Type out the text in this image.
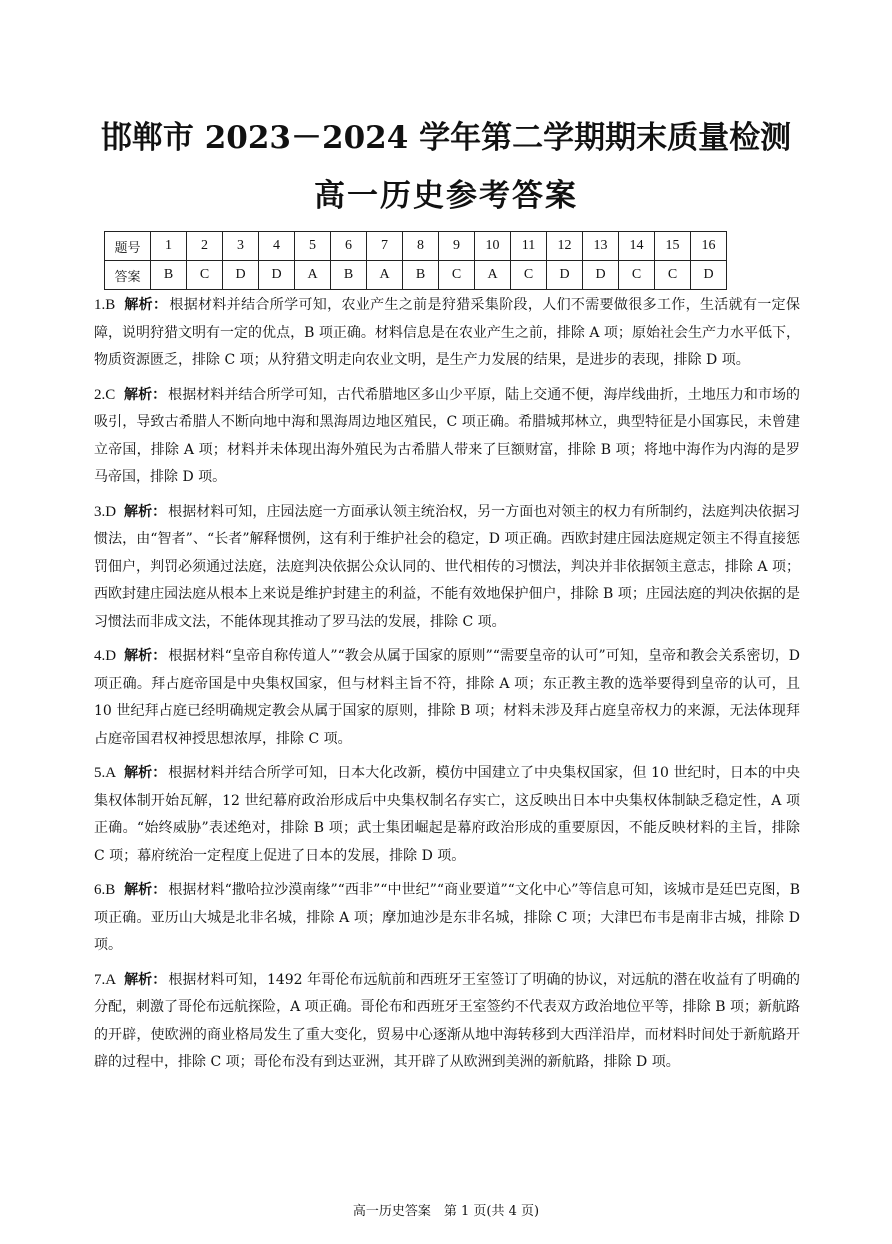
邯郸市 2023－2024 学年第二学期期末质量检测
高一历史参考答案
题号	1	2	3	4	5	6	7	8	9	10	11	12	13	14	15	16
答案	B	C	D	D	A	B	A	B	C	A	C	D	D	C	C	D
1.B 解析： 根据材料并结合所学可知，农业产生之前是狩猎采集阶段，人们不需要做很多工作，生活就有一定保障，说明狩猎文明有一定的优点，B 项正确。材料信息是在农业产生之前，排除 A 项；原始社会生产力水平低下，物质资源匮乏，排除 C 项；从狩猎文明走向农业文明，是生产力发展的结果，是进步的表现，排除 D 项。
2.C 解析： 根据材料并结合所学可知，古代希腊地区多山少平原，陆上交通不便，海岸线曲折，土地压力和市场的吸引，导致古希腊人不断向地中海和黑海周边地区殖民，C 项正确。希腊城邦林立，典型特征是小国寡民，未曾建立帝国，排除 A 项；材料并未体现出海外殖民为古希腊人带来了巨额财富，排除 B 项；将地中海作为内海的是罗马帝国，排除 D 项。
3.D 解析： 根据材料可知，庄园法庭一方面承认领主统治权，另一方面也对领主的权力有所制约，法庭判决依据习惯法，由“智者”、“长者”解释惯例，这有利于维护社会的稳定，D 项正确。西欧封建庄园法庭规定领主不得直接惩罚佃户，判罚必须通过法庭，法庭判决依据公众认同的、世代相传的习惯法，判决并非依据领主意志，排除 A 项；西欧封建庄园法庭从根本上来说是维护封建主的利益，不能有效地保护佃户，排除 B 项；庄园法庭的判决依据的是习惯法而非成文法，不能体现其推动了罗马法的发展，排除 C 项。
4.D 解析： 根据材料“皇帝自称传道人”“教会从属于国家的原则”“需要皇帝的认可”可知，皇帝和教会关系密切，D 项正确。拜占庭帝国是中央集权国家，但与材料主旨不符，排除 A 项；东正教主教的选举要得到皇帝的认可，且 10 世纪拜占庭已经明确规定教会从属于国家的原则，排除 B 项；材料未涉及拜占庭皇帝权力的来源，无法体现拜占庭帝国君权神授思想浓厚，排除 C 项。
5.A 解析： 根据材料并结合所学可知，日本大化改新，模仿中国建立了中央集权国家，但 10 世纪时，日本的中央集权体制开始瓦解，12 世纪幕府政治形成后中央集权制名存实亡，这反映出日本中央集权体制缺乏稳定性，A 项正确。“始终威胁”表述绝对，排除 B 项；武士集团崛起是幕府政治形成的重要原因，不能反映材料的主旨，排除 C 项；幕府统治一定程度上促进了日本的发展，排除 D 项。
6.B 解析： 根据材料“撒哈拉沙漠南缘”“西非”“中世纪”“商业要道”“文化中心”等信息可知，该城市是廷巴克图，B 项正确。亚历山大城是北非名城，排除 A 项；摩加迪沙是东非名城，排除 C 项；大津巴布韦是南非古城，排除 D 项。
7.A 解析： 根据材料可知，1492 年哥伦布远航前和西班牙王室签订了明确的协议，对远航的潜在收益有了明确的分配，刺激了哥伦布远航探险，A 项正确。哥伦布和西班牙王室签约不代表双方政治地位平等，排除 B 项；新航路的开辟，使欧洲的商业格局发生了重大变化，贸易中心逐渐从地中海转移到大西洋沿岸，而材料时间处于新航路开辟的过程中，排除 C 项；哥伦布没有到达亚洲，其开辟了从欧洲到美洲的新航路，排除 D 项。
高一历史答案　第 1 页(共 4 页)
